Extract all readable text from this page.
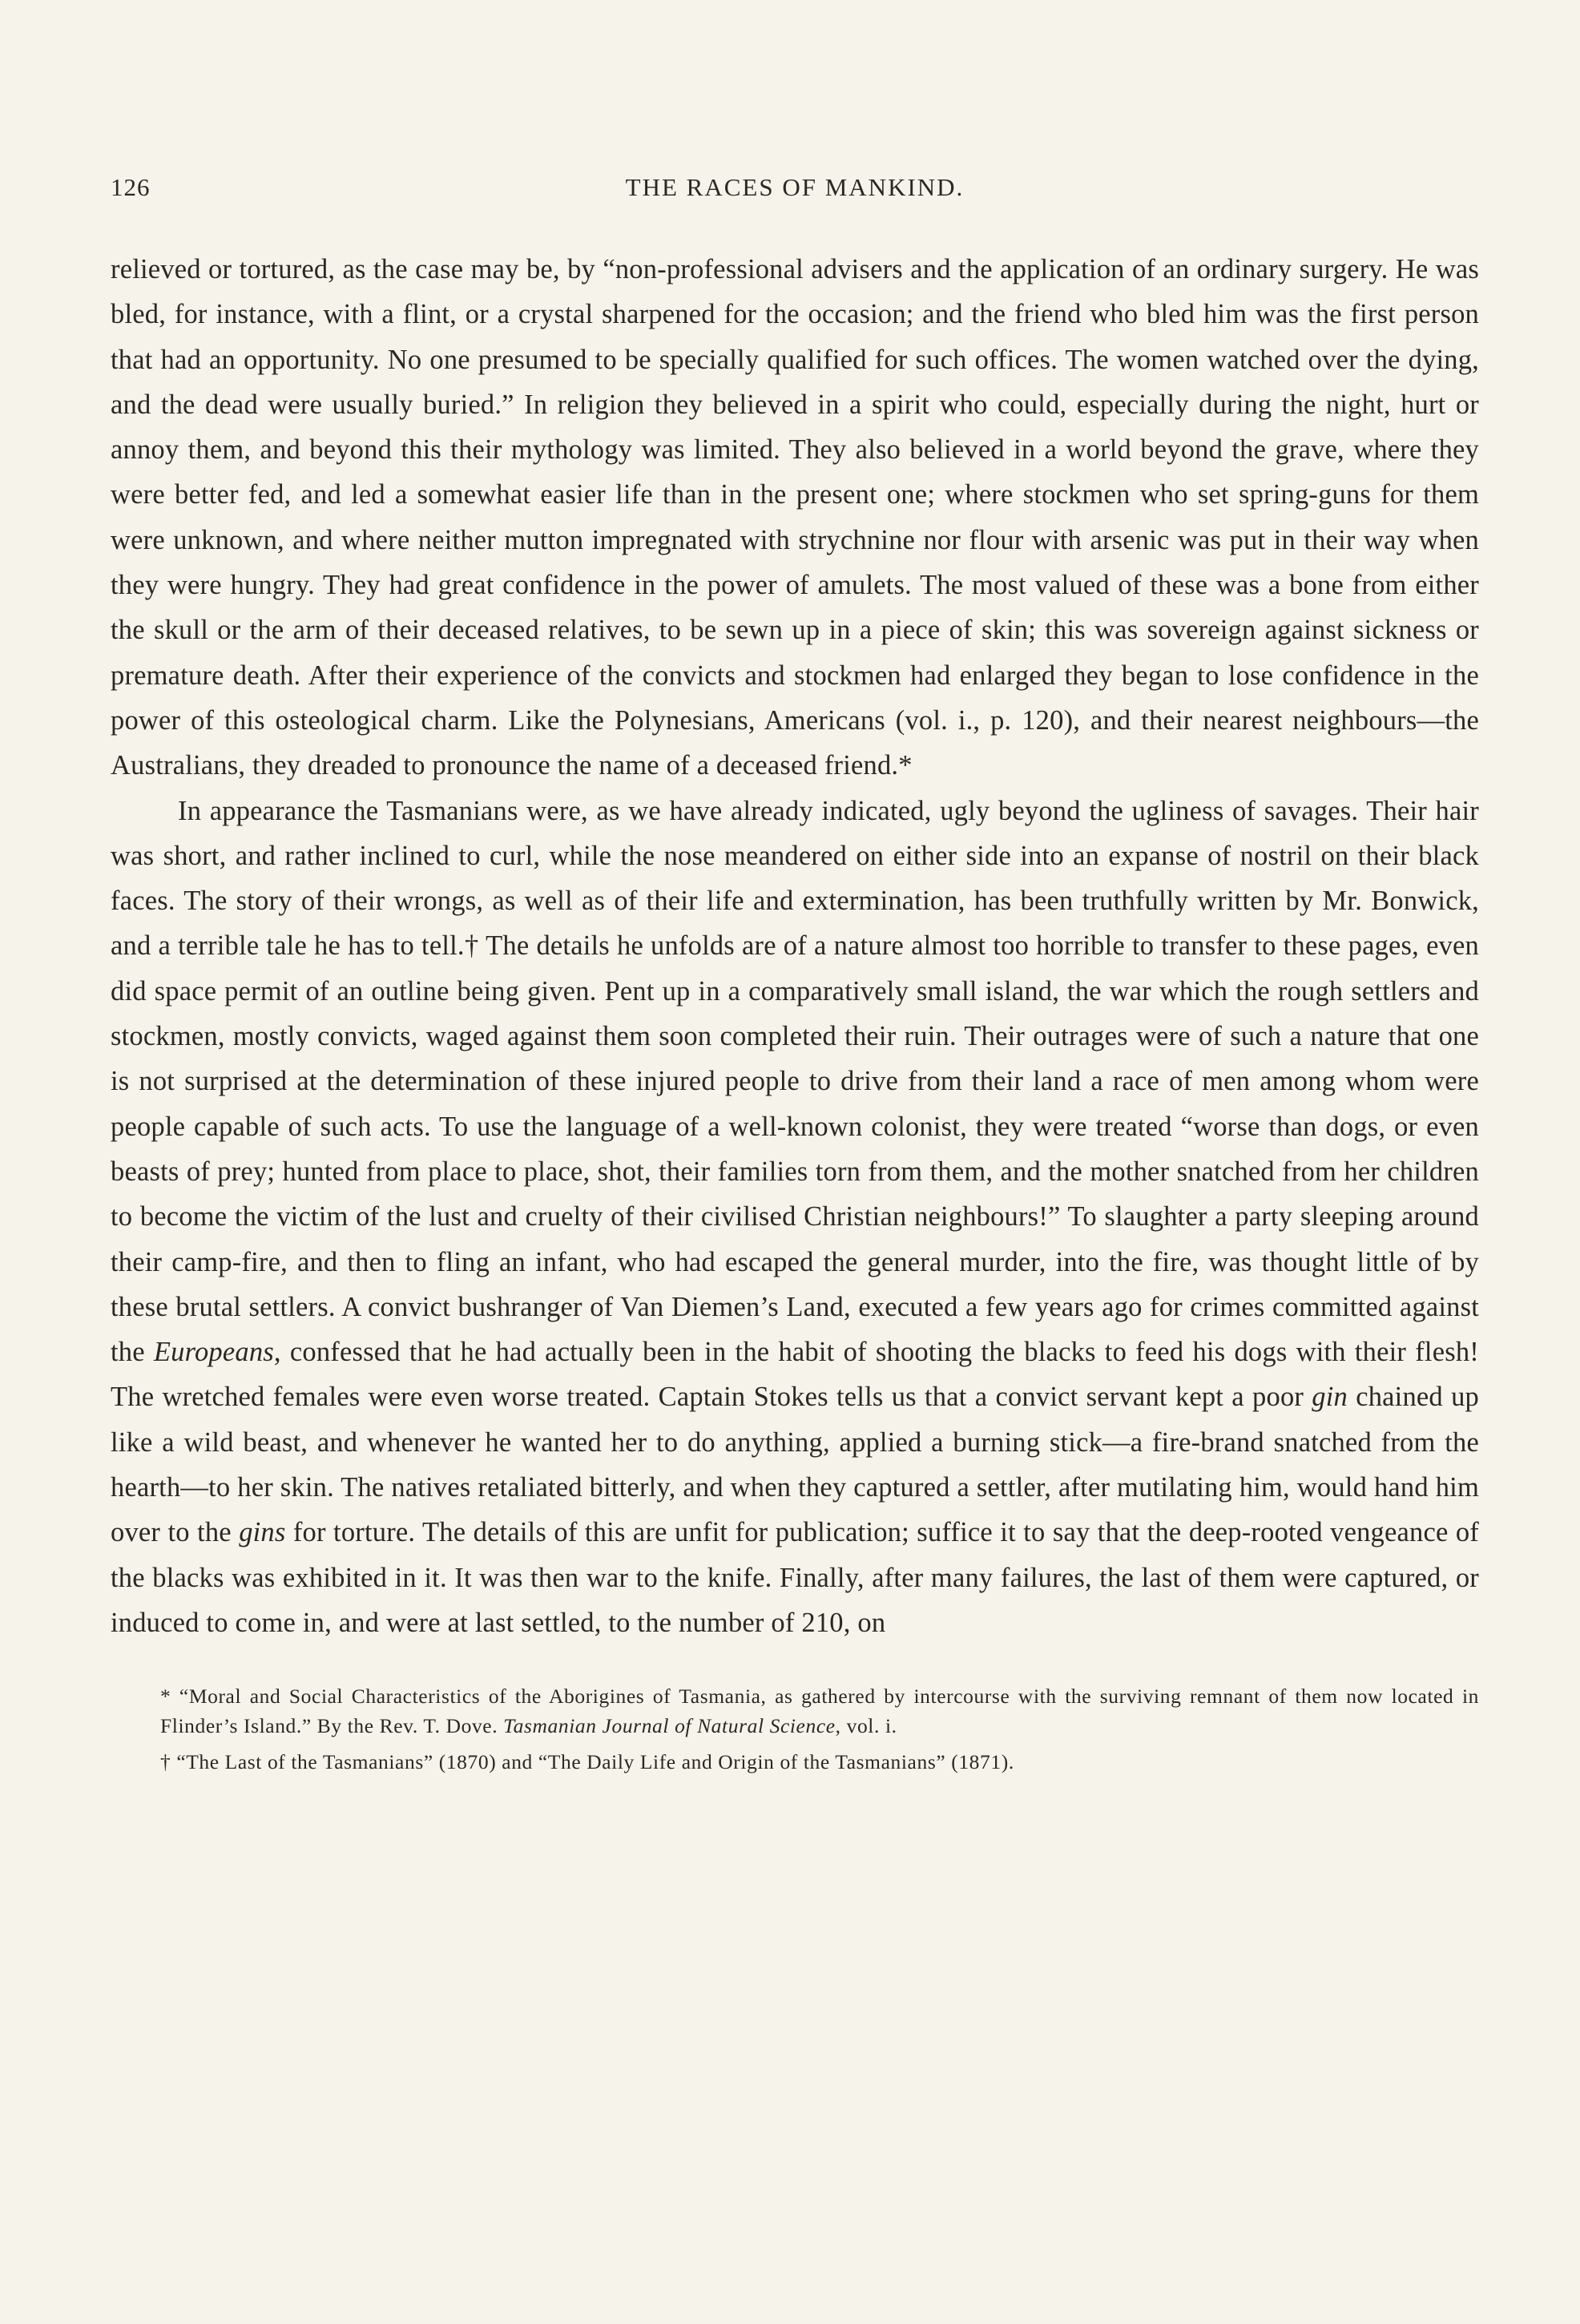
126	THE RACES OF MANKIND.

relieved or tortured, as the case may be, by “non-professional advisers and the application of an ordinary surgery. He was bled, for instance, with a flint, or a crystal sharpened for the occasion; and the friend who bled him was the first person that had an opportunity. No one presumed to be specially qualified for such offices. The women watched over the dying, and the dead were usually buried.” In religion they believed in a spirit who could, especially during the night, hurt or annoy them, and beyond this their mythology was limited. They also believed in a world beyond the grave, where they were better fed, and led a somewhat easier life than in the present one; where stockmen who set spring-guns for them were unknown, and where neither mutton impregnated with strychnine nor flour with arsenic was put in their way when they were hungry. They had great confidence in the power of amulets. The most valued of these was a bone from either the skull or the arm of their deceased relatives, to be sewn up in a piece of skin; this was sovereign against sickness or premature death. After their experience of the convicts and stockmen had enlarged they began to lose confidence in the power of this osteological charm. Like the Polynesians, Americans (vol. i., p. 120), and their nearest neighbours—the Australians, they dreaded to pronounce the name of a deceased friend.*

In appearance the Tasmanians were, as we have already indicated, ugly beyond the ugliness of savages. Their hair was short, and rather inclined to curl, while the nose meandered on either side into an expanse of nostril on their black faces. The story of their wrongs, as well as of their life and extermination, has been truthfully written by Mr. Bonwick, and a terrible tale he has to tell.† The details he unfolds are of a nature almost too horrible to transfer to these pages, even did space permit of an outline being given. Pent up in a comparatively small island, the war which the rough settlers and stockmen, mostly convicts, waged against them soon completed their ruin. Their outrages were of such a nature that one is not surprised at the determination of these injured people to drive from their land a race of men among whom were people capable of such acts. To use the language of a well-known colonist, they were treated “worse than dogs, or even beasts of prey; hunted from place to place, shot, their families torn from them, and the mother snatched from her children to become the victim of the lust and cruelty of their civilised Christian neighbours!” To slaughter a party sleeping around their camp-fire, and then to fling an infant, who had escaped the general murder, into the fire, was thought little of by these brutal settlers. A convict bushranger of Van Diemen’s Land, executed a few years ago for crimes committed against the Europeans, confessed that he had actually been in the habit of shooting the blacks to feed his dogs with their flesh! The wretched females were even worse treated. Captain Stokes tells us that a convict servant kept a poor gin chained up like a wild beast, and whenever he wanted her to do anything, applied a burning stick—a fire-brand snatched from the hearth—to her skin. The natives retaliated bitterly, and when they captured a settler, after mutilating him, would hand him over to the gins for torture. The details of this are unfit for publication; suffice it to say that the deep-rooted vengeance of the blacks was exhibited in it. It was then war to the knife. Finally, after many failures, the last of them were captured, or induced to come in, and were at last settled, to the number of 210, on

* “Moral and Social Characteristics of the Aborigines of Tasmania, as gathered by intercourse with the surviving remnant of them now located in Flinder’s Island.” By the Rev. T. Dove. Tasmanian Journal of Natural Science, vol. i.

† “The Last of the Tasmanians” (1870) and “The Daily Life and Origin of the Tasmanians” (1871).
